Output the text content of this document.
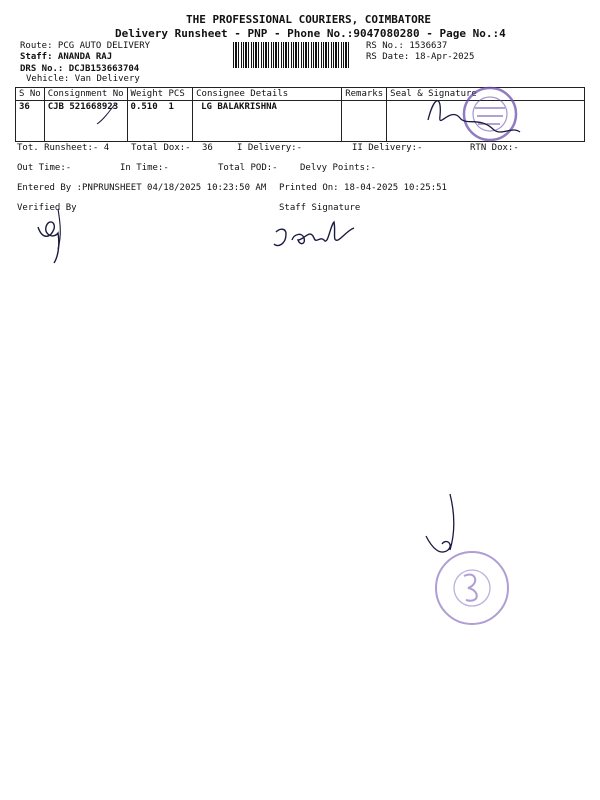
THE PROFESSIONAL COURIERS, COIMBATORE
Delivery Runsheet - PNP - Phone No.:9047080280 - Page No.:4
Route: PCG AUTO DELIVERY
Staff: ANANDA RAJ
DRS No.: DCJB153663704
Vehicle: Van Delivery
RS No.: 1536637
RS Date: 18-Apr-2025
S No	Consignment No	Weight PCS	Consignee Details	Remarks	Seal & Signature
36	CJB 521668923	0.510 1	LG BALAKRISHNA		
Tot. Runsheet:- 4 Total Dox:- 36	I Delivery:-	II Delivery:-	RTN Dox:-
Out Time:-	In Time:-	Total POD:- Delvy Points:-
Entered By :PNPRUNSHEET 04/18/2025 10:23:50 AM Printed On: 18-04-2025 10:25:51
Verified By	Staff Signature
